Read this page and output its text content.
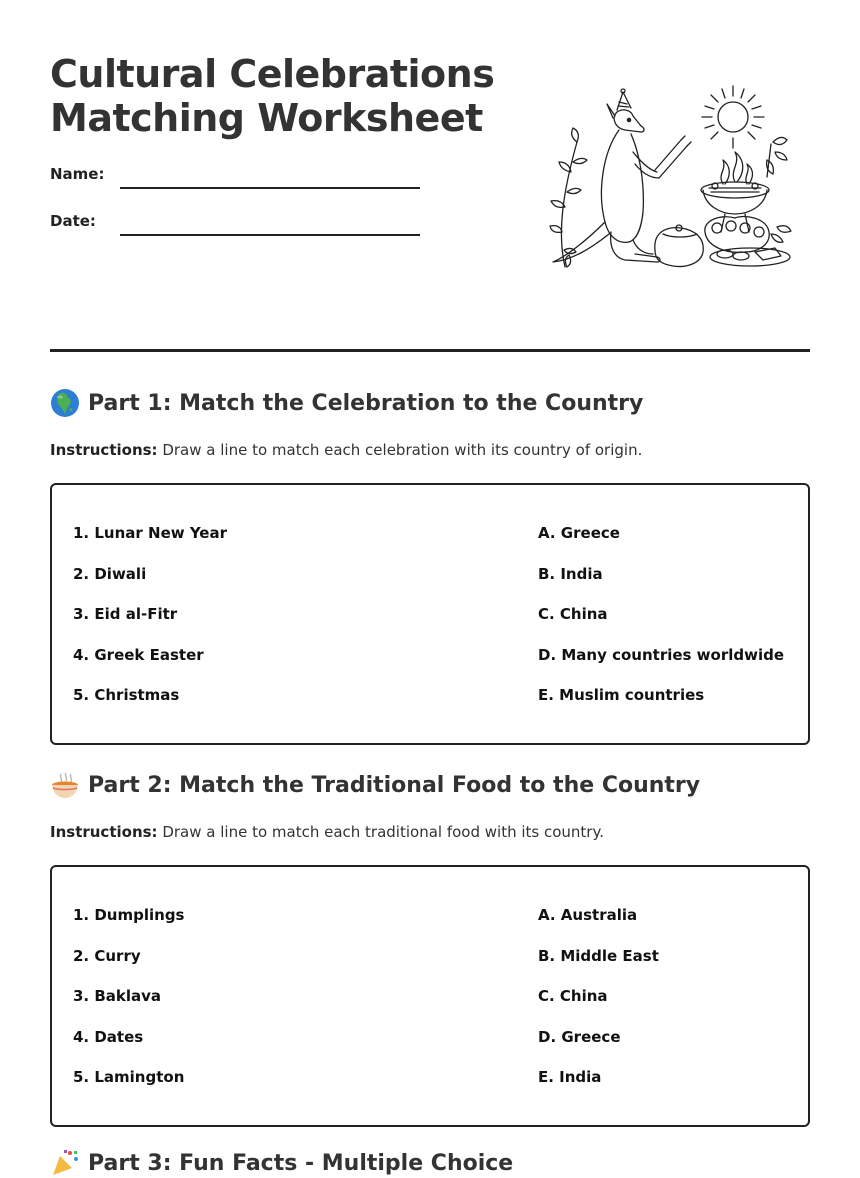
Cultural Celebrations
Matching Worksheet
Name:
Date:
Part 1: Match the Celebration to the Country
Instructions: Draw a line to match each celebration with its country of origin.
1. Lunar New Year
2. Diwali
3. Eid al-Fitr
4. Greek Easter
5. Christmas
A. Greece
B. India
C. China
D. Many countries worldwide
E. Muslim countries
Part 2: Match the Traditional Food to the Country
Instructions: Draw a line to match each traditional food with its country.
1. Dumplings
2. Curry
3. Baklava
4. Dates
5. Lamington
A. Australia
B. Middle East
C. China
D. Greece
E. India
Part 3: Fun Facts - Multiple Choice
